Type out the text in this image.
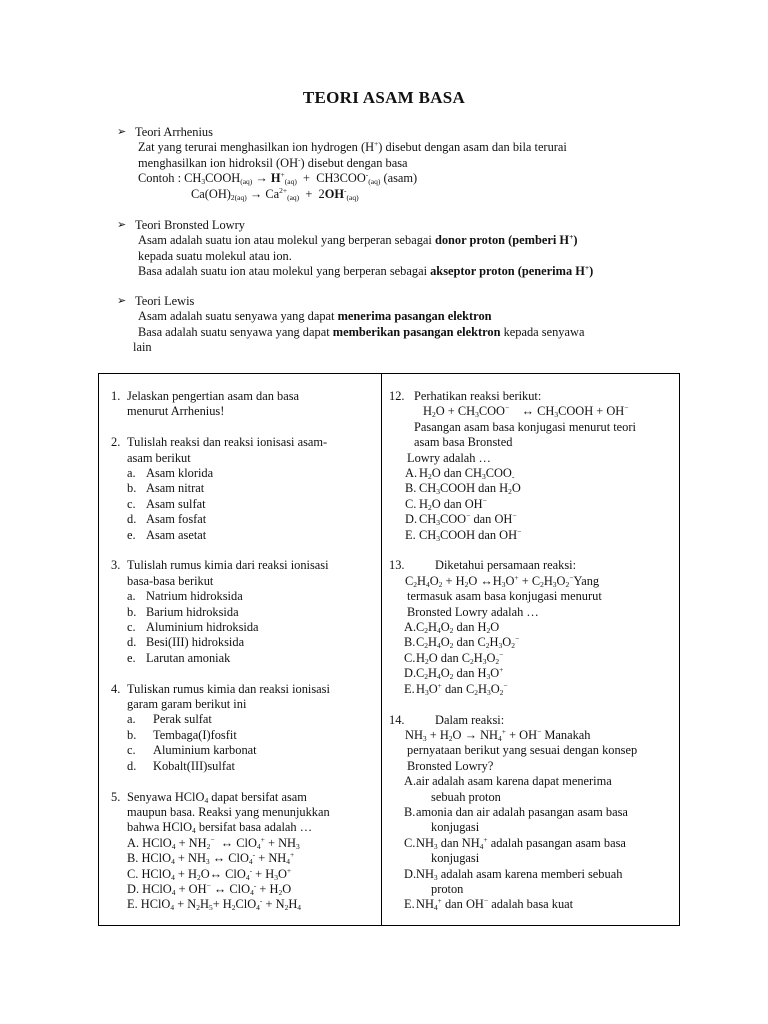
TEORI ASAM BASA
➢ Teori Arrhenius
Zat yang terurai menghasilkan ion hydrogen (H+) disebut dengan asam dan bila terurai
menghasilkan ion hidroksil (OH-) disebut dengan basa
Contoh : $CH_3COOH_{(aq)} \to H^+_{(aq)} + CH3COO^-_{(aq)}$ (asam)
$Ca(OH)_{2(aq)} \to Ca^{2+}_{(aq)} + 2OH^-_{(aq)}$
➢ Teori Bronsted Lowry
Asam adalah suatu ion atau molekul yang berperan sebagai donor proton (pemberi H+)
kepada suatu molekul atau ion.
Basa adalah suatu ion atau molekul yang berperan sebagai akseptor proton (penerima H+)
➢ Teori Lewis
Asam adalah suatu senyawa yang dapat menerima pasangan elektron
Basa adalah suatu senyawa yang dapat memberikan pasangan elektron kepada senyawa
lain
1. Jelaskan pengertian asam dan basa
menurut Arrhenius!
2. Tulislah reaksi dan reaksi ionisasi asam-
asam berikut
a. Asam klorida
b. Asam nitrat
c. Asam sulfat
d. Asam fosfat
e. Asam asetat
3. Tulislah rumus kimia dari reaksi ionisasi
basa-basa berikut
a. Natrium hidroksida
b. Barium hidroksida
c. Aluminium hidroksida
d. Besi(III) hidroksida
e. Larutan amoniak
4. Tuliskan rumus kimia dan reaksi ionisasi
garam garam berikut ini
a. Perak sulfat
b. Tembaga(I)fosfit
c. Aluminium karbonat
d. Kobalt(III)sulfat
5. Senyawa HClO$_4$ dapat bersifat asam
maupun basa. Reaksi yang menunjukkan
bahwa HClO$_4$ bersifat basa adalah …
A. HClO$_4$ + $NH_2^-$  ↔ $ClO_4^+ + NH_3$
B. HClO$_4$ + $NH_3$ ↔ $ClO_4^- + NH_4^+$
C. HClO$_4$ + $H_2O\leftrightarrow$ $ClO_4^- + H_3O^+$
D. HClO$_4$ + OH− ↔ $ClO_4^- + H_2O$
E. HClO$_4$ + $N_2H_5+ H_2ClO_4^- + N_2H_4$
12. Perhatikan reaksi berikut:
$H_2O + CH_3COO^-$    ↔ $CH_3COOH + OH^-$
Pasangan asam basa konjugasi menurut teori
asam basa Bronsted
Lowry adalah …
A. $H_2O$ dan $CH_3COO_-$
B. $CH_3COOH$ dan $H_2O$
C. $H_2O$ dan OH−
D. $CH_3COO^-$ dan OH−
E. $CH_3COOH$ dan OH−
13. Diketahui persamaan reaksi:
$C_2H_4O_2 + H_2O$ $\leftrightarrow H_3O^+$ + $C_2H_3O_2^-Yang$
termasuk asam basa konjugasi menurut
Bronsted Lowry adalah …
A. $C_2H_4O_2$ dan $H_2O$
B. $C_2H_4O_2$ dan $C_2H_3O_2^-$
C. $H_2O$ dan $C_2H_3O_2^-$
D. $C_2H_4O_2$ dan $H_3O^+$
E. $H_3O^+$ dan $C_2H_3O_2^-$
14. Dalam reaksi:
$NH_3 + H_2O \to NH_4^+ + OH^-$ Manakah
pernyataan berikut yang sesuai dengan konsep
Bronsted Lowry?
A. air adalah asam karena dapat menerima
sebuah proton
B. amonia dan air adalah pasangan asam basa
konjugasi
C. $NH_3$ dan $NH_4^+$ adalah pasangan asam basa
konjugasi
D. $NH_3$ adalah asam karena memberi sebuah
proton
E. $NH_4^+$ dan OH− adalah basa kuat
